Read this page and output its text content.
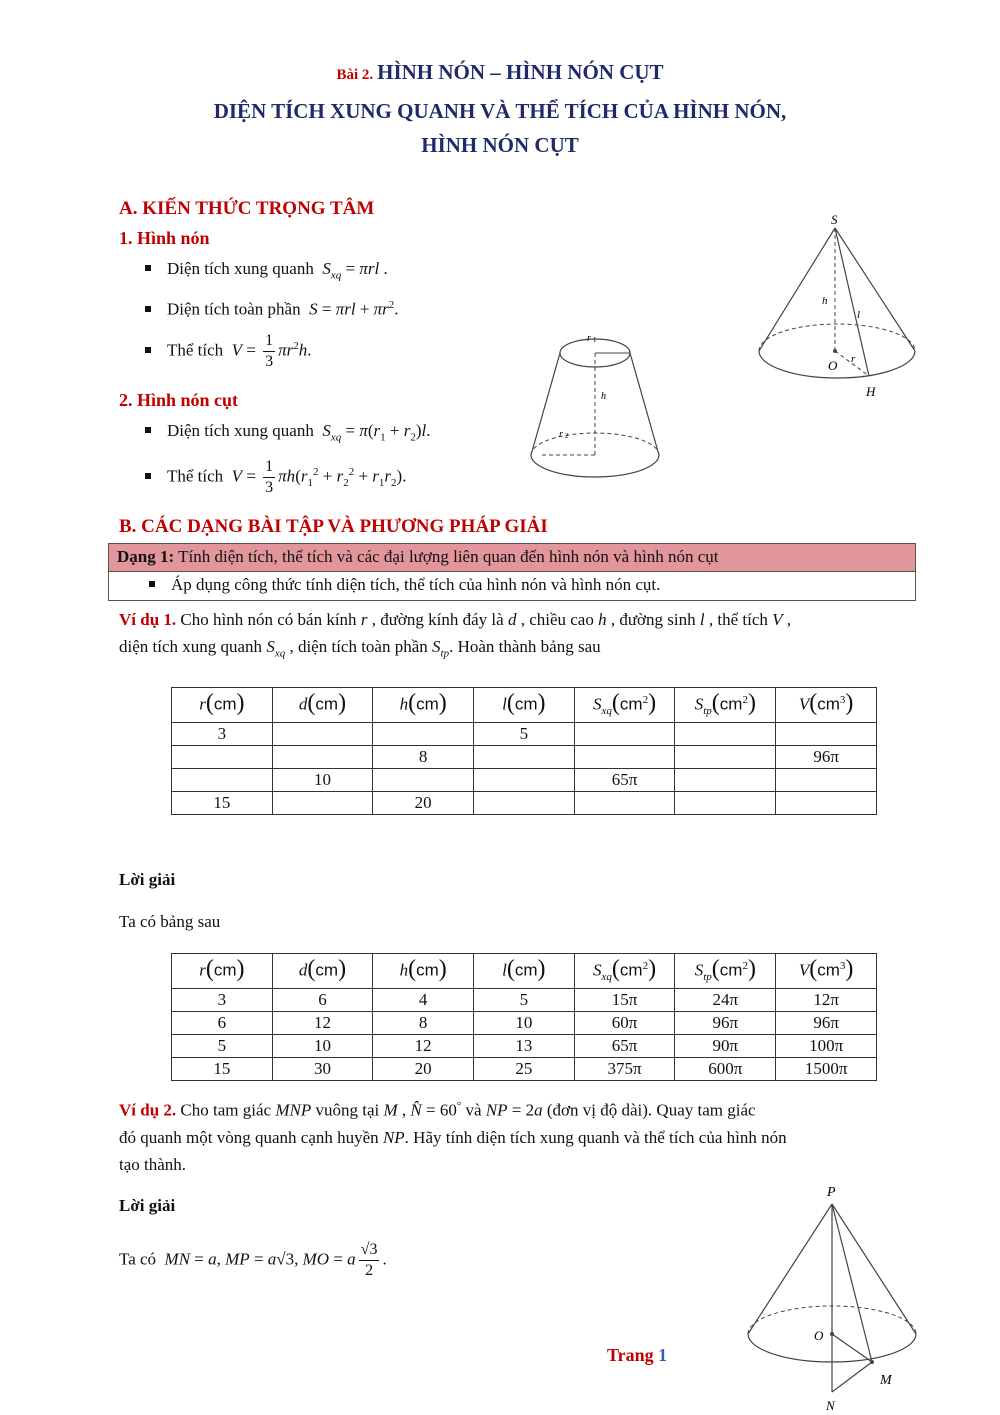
Bài 2. HÌNH NÓN – HÌNH NÓN CỤT
DIỆN TÍCH XUNG QUANH VÀ THỂ TÍCH CỦA HÌNH NÓN,
HÌNH NÓN CỤT
A. KIẾN THỨC TRỌNG TÂM
1. Hình nón
Diện tích xung quanh $S_{xq} = \pi rl$ .
Diện tích toàn phần $S = \pi rl + \pi r^2$.
Thể tích $V = \frac{1}{3} \pi r^2h$.
2. Hình nón cụt
Diện tích xung quanh $S_{xq} = \pi(r_1 + r_2)l$.
Thể tích $V = \frac{1}{3} \pi h(r_1^2 + r_2^2 + r_1r_2)$.
r 1
h
r 2
S
h
l
O r
H
B. CÁC DẠNG BÀI TẬP VÀ PHƯƠNG PHÁP GIẢI
Dạng 1: Tính diện tích, thể tích và các đại lượng liên quan đến hình nón và hình nón cụt
Áp dụng công thức tính diện tích, thể tích của hình nón và hình nón cụt.
Ví dụ 1. Cho hình nón có bán kính r , đường kính đáy là d , chiều cao h , đường sinh l , thể tích V ,
diện tích xung quanh $S_{xq}$ , diện tích toàn phần $S_{tp}$. Hoàn thành bảng sau
r(cm)	d(cm)	h(cm)	l(cm)	$S_{xq}(cm^2)$	$S_{tp}(cm^2)$	$V(cm^3)$
3			5			
		8				96π
	10			65π		
15		20				
Lời giải
Ta có bảng sau
r(cm)	d(cm)	h(cm)	l(cm)	$S_{xq}(cm^2)$	$S_{tp}(cm^2)$	$V(cm^3)$
3	6	4	5	15π	24π	12π
6	12	8	10	60π	96π	96π
5	10	12	13	65π	90π	100π
15	30	20	25	375π	600π	1500π
Ví dụ 2. Cho tam giác MNP vuông tại M , N̂ = 60° và NP = 2a (đơn vị độ dài). Quay tam giác
đó quanh một vòng quanh cạnh huyền NP. Hãy tính diện tích xung quanh và thể tích của hình nón
tạo thành.
Lời giải
Ta có MN = a, MP = a√3, MO = a $\frac{√3}{2}$ .
P
O
M
N
Trang 1
